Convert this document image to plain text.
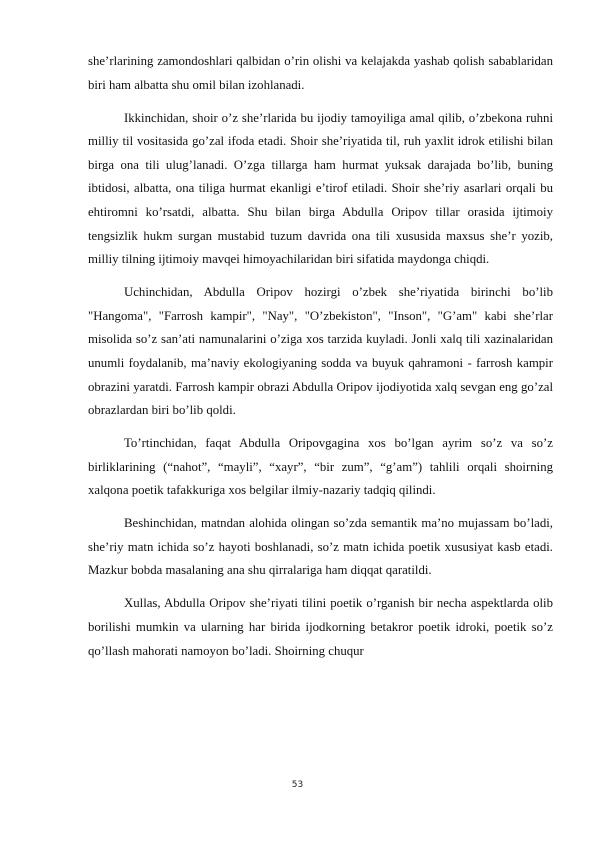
she’rlarining zamondoshlari qalbidan o’rin olishi va kelajakda yashab qolish sabablaridan biri ham albatta shu omil bilan izohlanadi.

Ikkinchidan, shoir o’z she’rlarida bu ijodiy tamoyiliga amal qilib, o’zbekona ruhni milliy til vositasida go’zal ifoda etadi. Shoir she’riyatida til, ruh yaxlit idrok etilishi bilan birga ona tili ulug’lanadi. O’zga tillarga ham hurmat yuksak darajada bo’lib, buning ibtidosi, albatta, ona tiliga hurmat ekanligi e’tirof etiladi. Shoir she’riy asarlari orqali bu ehtiromni ko’rsatdi, albatta. Shu bilan birga Abdulla Oripov tillar orasida ijtimoiy tengsizlik hukm surgan mustabid tuzum davrida ona tili xususida maxsus she’r yozib, milliy tilning ijtimoiy mavqei himoyachilaridan biri sifatida maydonga chiqdi.

Uchinchidan, Abdulla Oripov hozirgi o’zbek she’riyatida birinchi bo’lib "Hangoma", "Farrosh kampir", "Nay", "O’zbekiston", "Inson", "G’am" kabi she’rlar misolida so’z san’ati namunalarini o’ziga xos tarzida kuyladi. Jonli xalq tili xazinalaridan unumli foydalanib, ma’naviy ekologiyaning sodda va buyuk qahramoni - farrosh kampir obrazini yaratdi. Farrosh kampir obrazi Abdulla Oripov ijodiyotida xalq sevgan eng go’zal obrazlardan biri bo’lib qoldi.

To’rtinchidan, faqat Abdulla Oripovgagina xos bo’lgan ayrim so’z va so’z birliklarining (“nahot”, “mayli”, “xayr”, “bir zum”, “g’am”) tahlili orqali shoirning xalqona poetik tafakkuriga xos belgilar ilmiy-nazariy tadqiq qilindi.

Beshinchidan, matndan alohida olingan so’zda semantik ma’no mujassam bo’ladi, she’riy matn ichida so’z hayoti boshlanadi, so’z matn ichida poetik xususiyat kasb etadi. Mazkur bobda masalaning ana shu qirralariga ham diqqat qaratildi.

Xullas, Abdulla Oripov she’riyati tilini poetik o’rganish bir necha aspektlarda olib borilishi mumkin va ularning har birida ijodkorning betakror poetik idroki, poetik so’z qo’llash mahorati namoyon bo’ladi. Shoirning chuqur

53
